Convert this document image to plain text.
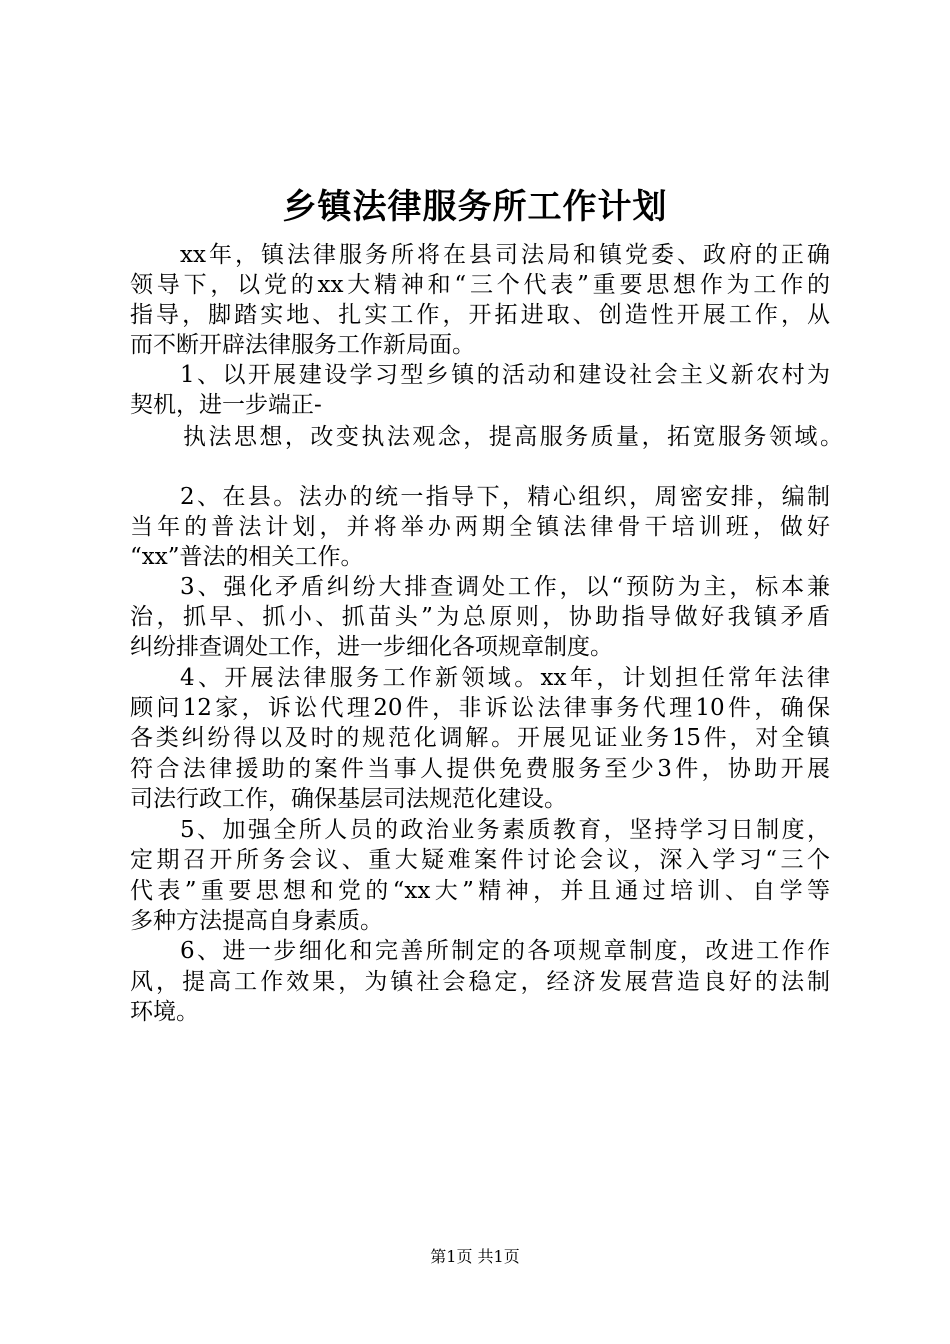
乡镇法律服务所工作计划
xx年，镇法律服务所将在县司法局和镇党委、政府的正确
领导下，以党的xx大精神和“三个代表”重要思想作为工作的
指导，脚踏实地、扎实工作，开拓进取、创造性开展工作，从
而不断开辟法律服务工作新局面。
1、以开展建设学习型乡镇的活动和建设社会主义新农村为
契机，进一步端正-
执法思想，改变执法观念，提高服务质量，拓宽服务领域。
2、在县。法办的统一指导下，精心组织，周密安排，编制
当年的普法计划，并将举办两期全镇法律骨干培训班，做好
“xx”普法的相关工作。
3、强化矛盾纠纷大排查调处工作，以“预防为主，标本兼
治，抓早、抓小、抓苗头”为总原则，协助指导做好我镇矛盾
纠纷排查调处工作，进一步细化各项规章制度。
4、开展法律服务工作新领域。xx年，计划担任常年法律
顾问12家，诉讼代理20件，非诉讼法律事务代理10件，确保
各类纠纷得以及时的规范化调解。开展见证业务15件，对全镇
符合法律援助的案件当事人提供免费服务至少3件，协助开展
司法行政工作，确保基层司法规范化建设。
5、加强全所人员的政治业务素质教育，坚持学习日制度，
定期召开所务会议、重大疑难案件讨论会议，深入学习“三个
代表”重要思想和党的“xx大”精神，并且通过培训、自学等
多种方法提高自身素质。
6、进一步细化和完善所制定的各项规章制度，改进工作作
风，提高工作效果，为镇社会稳定，经济发展营造良好的法制
环境。
第1页 共1页
